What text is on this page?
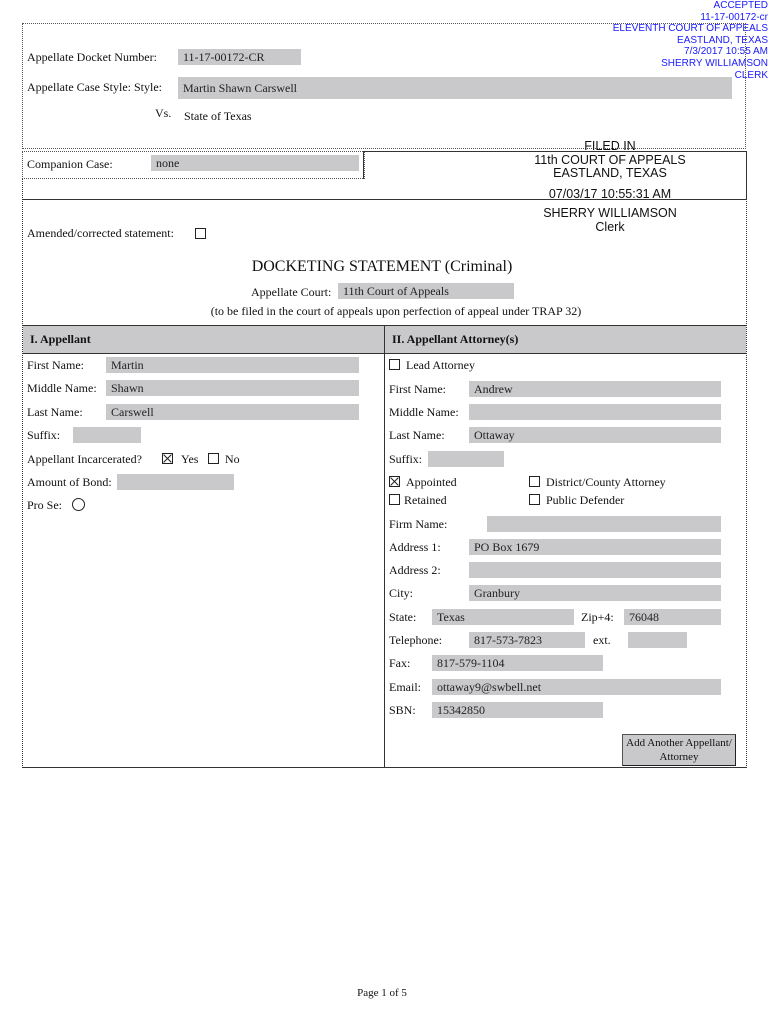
ACCEPTED
11-17-00172-cr
ELEVENTH COURT OF APPEALS
EASTLAND, TEXAS
7/3/2017 10:55 AM
SHERRY WILLIAMSON
CLERK
Appellate Docket Number:	11-17-00172-CR
Appellate Case Style: Style:	Martin Shawn Carswell
Vs. State of Texas
Companion Case:	none
FILED IN
11th COURT OF APPEALS
EASTLAND, TEXAS
07/03/17 10:55:31 AM
SHERRY WILLIAMSON
Clerk
Amended/corrected statement:
DOCKETING STATEMENT (Criminal)
Appellate Court: 11th Court of Appeals
(to be filed in the court of appeals upon perfection of appeal under TRAP 32)
I. Appellant	II. Appellant Attorney(s)
First Name:	Martin
Middle Name:	Shawn
Last Name:	Carswell
Suffix:
Appellant Incarcerated?	Yes No
Amount of Bond:
Pro Se:
Lead Attorney
First Name:	Andrew
Middle Name:
Last Name:	Ottaway
Suffix:
Appointed
Retained
District/County Attorney
Public Defender
Firm Name:
Address 1:	PO Box 1679
Address 2:
City:	Granbury
State:	Texas	Zip+4:	76048
Telephone:	817-573-7823	ext.
Fax:	817-579-1104
Email:	ottaway9@swbell.net
SBN:	15342850
Add Another Appellant/
Attorney
Page 1 of 5
